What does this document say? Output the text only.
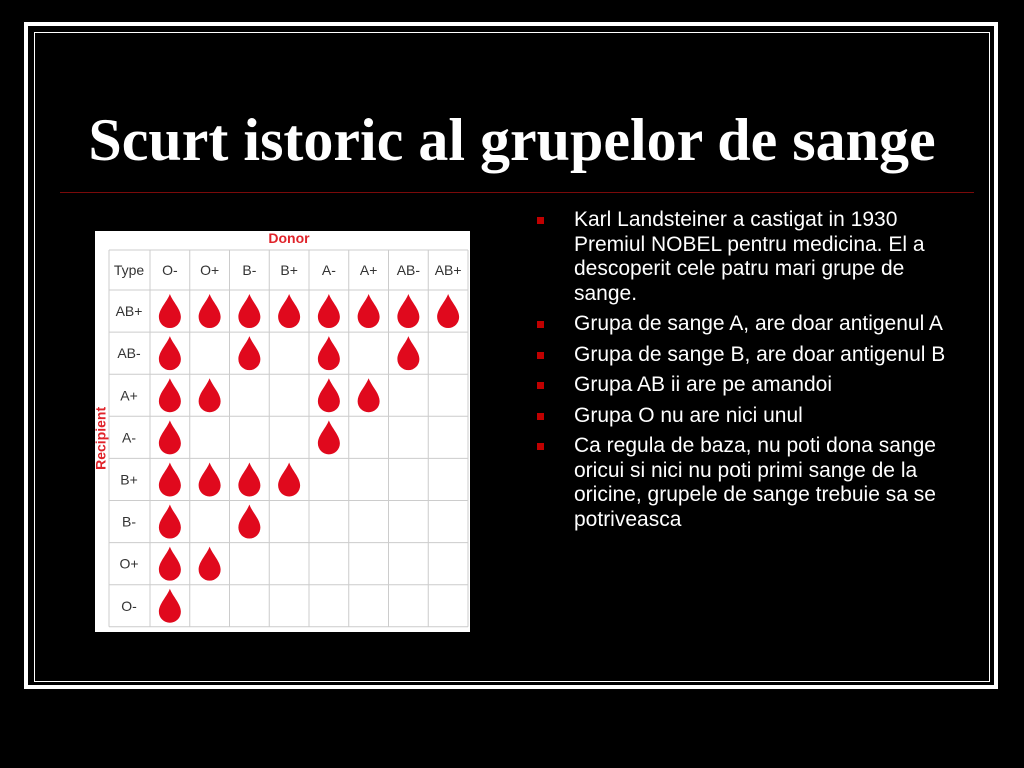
Scurt istoric al grupelor de sange
Donor
Recipient
Type O- O+ B- B+ A- A+ AB- AB+
AB+
AB-
A+
A-
B+
B-
O+
O-
Karl Landsteiner a castigat in 1930 Premiul NOBEL pentru medicina. El a descoperit cele patru mari grupe de sange.
Grupa de sange A, are doar antigenul A
Grupa de sange B, are doar antigenul B
Grupa AB ii are pe amandoi
Grupa O nu are nici unul
Ca regula de baza, nu poti dona sange oricui si nici nu poti primi sange de la oricine, grupele de sange trebuie sa se potriveasca
